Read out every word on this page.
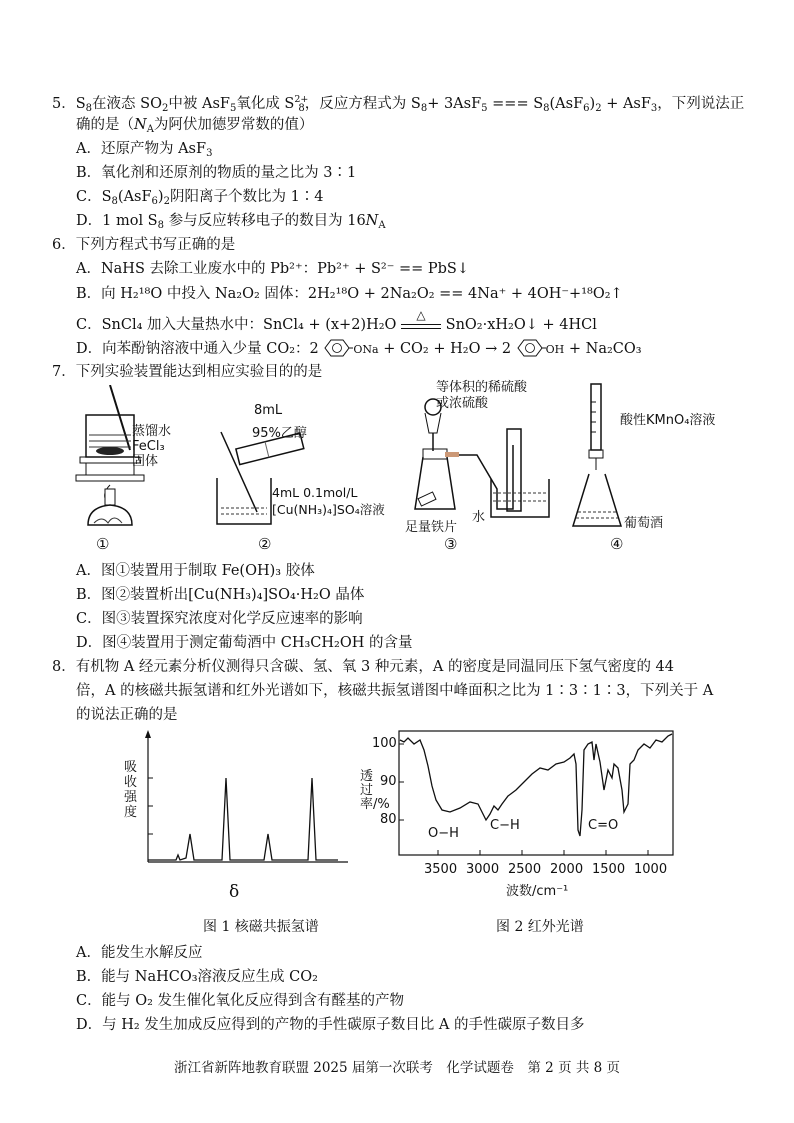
5．$S_8$在液态 $SO_2$中被 AsF$_5$氧化成 $S^{2+}_8$，反应方程式为 $S_8+ 3AsF_5$ === $S_8(AsF_6)_2 + AsF_3$，下列说法正
确的是（$N_A$为阿伏加德罗常数的值）
A．还原产物为 AsF$_3$
B．氧化剂和还原剂的物质的量之比为 3∶1
C．$S_8(AsF_6)_2$阴阳离子个数比为 1∶4
D．1 mol $S_8$ 参与反应转移电子的数目为 $16N_A$
6．下列方程式书写正确的是
A．NaHS 去除工业废水中的 Pb²⁺：Pb²⁺ + S²⁻ == PbS↓
B．向 H₂¹⁸O 中投入 Na₂O₂ 固体：2H₂¹⁸O + 2Na₂O₂ == 4Na⁺ + 4OH⁻+¹⁸O₂↑
C．SnCl₄ 加入大量热水中：SnCl₄ + (x+2)H₂O
△
SnO₂·xH₂O↓ + 4HCl
D．向苯酚钠溶液中通入少量 CO₂：2	ONa + CO₂ + H₂O → 2	OH + Na₂CO₃
7．下列实验装置能达到相应实验目的的是
蒸馏水
FeCl₃
固体
①
8mL
95%乙醇
4mL 0.1mol/L
[Cu(NH₃)₄]SO₄溶液
②
等体积的稀硫酸
或浓硫酸
水
足量铁片
③
酸性KMnO₄溶液
葡萄酒
④
A．图①装置用于制取 Fe(OH)₃ 胶体
B．图②装置析出[Cu(NH₃)₄]SO₄·H₂O 晶体
C．图③装置探究浓度对化学反应速率的影响
D．图④装置用于测定葡萄酒中 CH₃CH₂OH 的含量
8．有机物 A 经元素分析仪测得只含碳、氢、氧 3 种元素，A 的密度是同温同压下氢气密度的 44
倍，A 的核磁共振氢谱和红外光谱如下，核磁共振氢谱图中峰面积之比为 1∶3∶1∶3，下列关于 A
的说法正确的是
吸收强度
δ
100
90
80
透过率/%
3500 3000 2500 2000 1500 1000
波数/cm⁻¹
O−H
C−H	C=O
图 1 核磁共振氢谱	图 2 红外光谱
A．能发生水解反应
B．能与 NaHCO₃溶液反应生成 CO₂
C．能与 O₂ 发生催化氧化反应得到含有醛基的产物
D．与 H₂ 发生加成反应得到的产物的手性碳原子数目比 A 的手性碳原子数目多
浙江省新阵地教育联盟 2025 届第一次联考　化学试题卷　第 2 页 共 8 页
